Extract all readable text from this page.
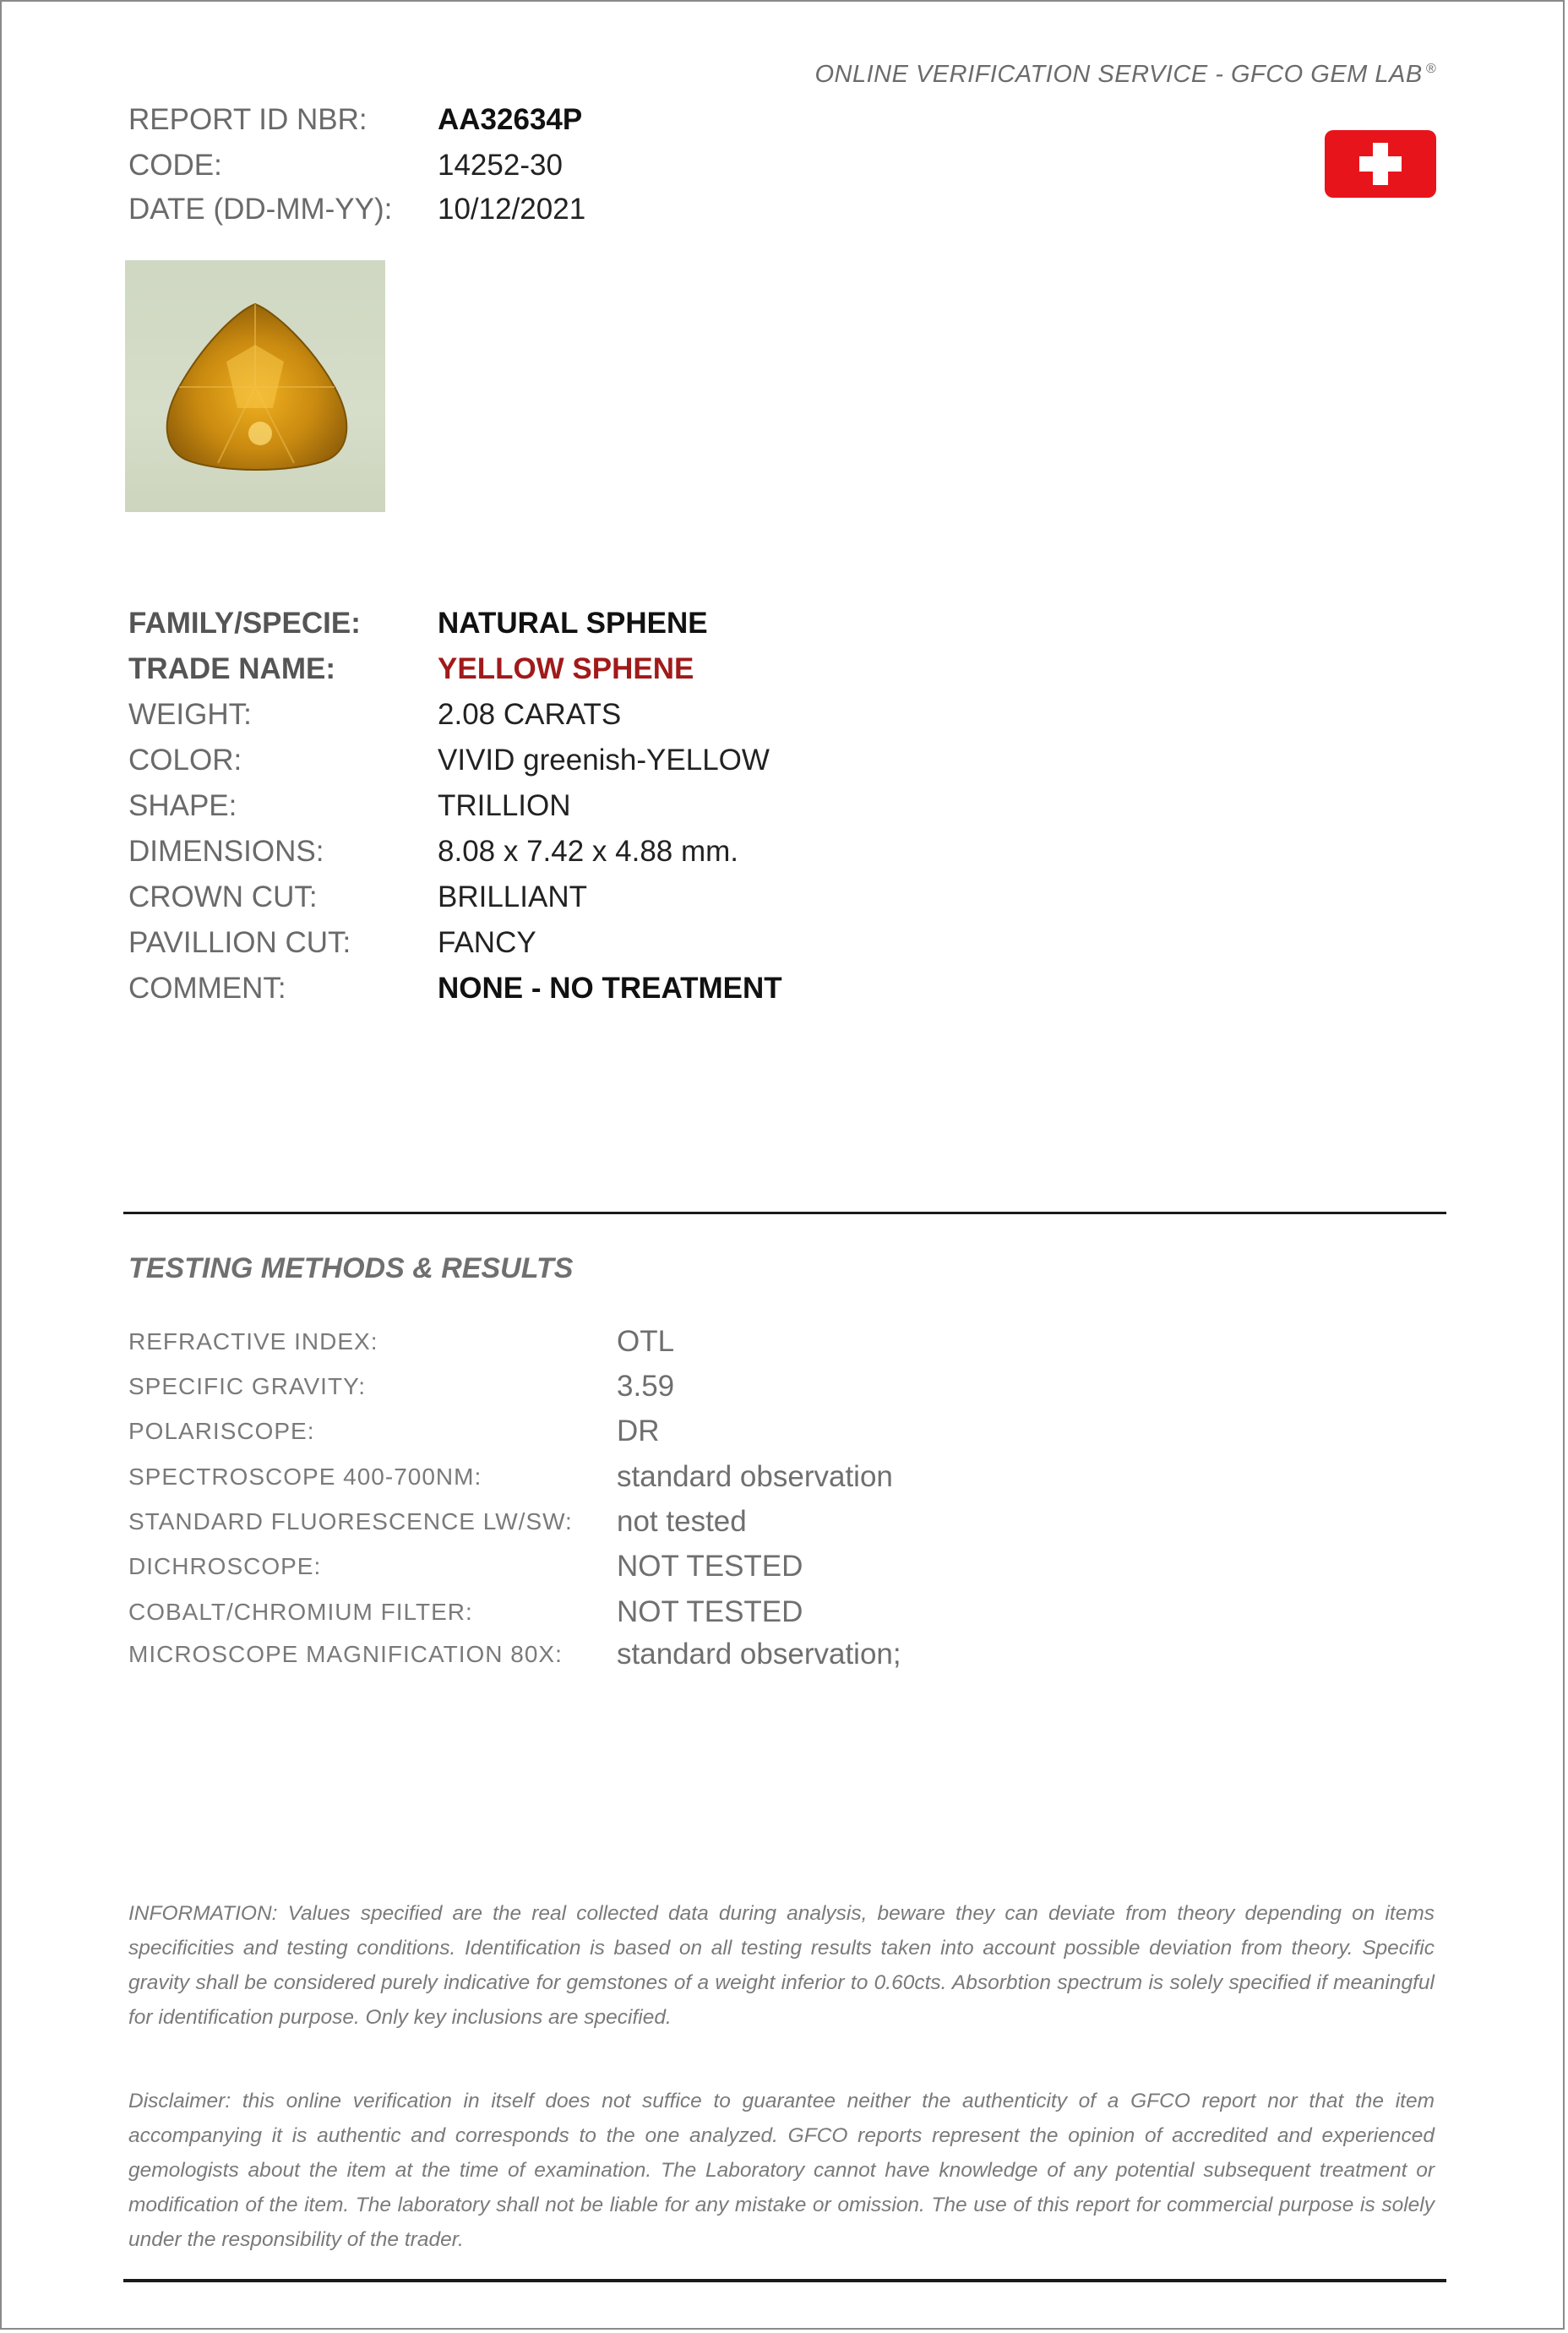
ONLINE VERIFICATION SERVICE - GFCO GEM LAB ®
REPORT ID NBR: AA32634P
CODE:	14252-30
DATE (DD-MM-YY): 10/12/2021
FAMILY/SPECIE:	NATURAL SPHENE
TRADE NAME:	YELLOW SPHENE
WEIGHT:	2.08 CARATS
COLOR:	VIVID greenish-YELLOW
SHAPE:	TRILLION
DIMENSIONS:	8.08 x 7.42 x 4.88 mm.
CROWN CUT:	BRILLIANT
PAVILLION CUT:	FANCY
COMMENT:	NONE - NO TREATMENT
TESTING METHODS & RESULTS
REFRACTIVE INDEX:	OTL
SPECIFIC GRAVITY:	3.59
POLARISCOPE:	DR
SPECTROSCOPE 400-700NM:	standard observation
STANDARD FLUORESCENCE LW/SW: not tested
DICHROSCOPE:	NOT TESTED
COBALT/CHROMIUM FILTER:	NOT TESTED
MICROSCOPE MAGNIFICATION 80X: standard observation;
INFORMATION: Values specified are the real collected data during analysis, beware they can deviate from theory depending on items specificities and testing conditions. Identification is based on all testing results taken into account possible deviation from theory. Specific gravity shall be considered purely indicative for gemstones of a weight inferior to 0.60cts. Absorbtion spectrum is solely specified if meaningful for identification purpose. Only key inclusions are specified.
Disclaimer: this online verification in itself does not suffice to guarantee neither the authenticity of a GFCO report nor that the item accompanying it is authentic and corresponds to the one analyzed. GFCO reports represent the opinion of accredited and experienced gemologists about the item at the time of examination. The Laboratory cannot have knowledge of any potential subsequent treatment or modification of the item. The laboratory shall not be liable for any mistake or omission. The use of this report for commercial purpose is solely under the responsibility of the trader.
